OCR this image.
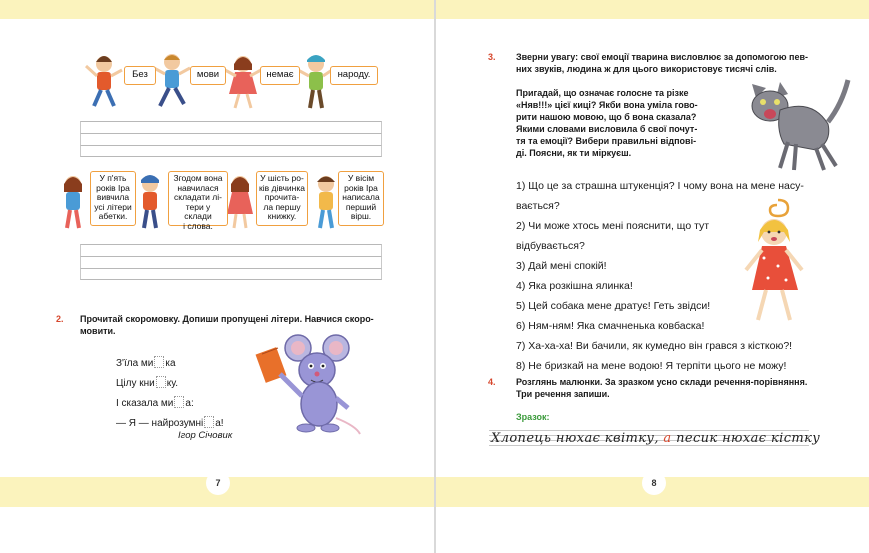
Без	мови	немає	народу.
У п'ять
років Іра
вивчила
усі літери
абетки.
Згодом вона
навчилася
складати лі-
тери у склади
і слова.
У шість ро-
ків дівчинка
прочита-
ла першу
книжку.
У вісім
років Іра
написала
перший
вірш.
2. Прочитай скоромовку. Допиши пропущені літери. Навчися скоро-
мовити.
З'їла ми ка
Цілу кни ку.
І сказала ми а:
— Я — найрозумні а!
Ігор Січовик
7
3. Зверни увагу: свої емоції тварина висловлює за допомогою пев-
них звуків, людина ж для цього використовує тисячі слів.
Пригадай, що означає голосне та різке
«Няв!!!» цієї киці? Якби вона уміла гово-
рити нашою мовою, що б вона сказала?
Якими словами висловила б свої почут-
тя та емоції? Вибери правильні відпові-
ді. Поясни, як ти міркуєш.
1) Що це за страшна штукенція? І чому вона на мене насу-
вається?
2) Чи може хтось мені пояснити, що тут
відбувається?
3) Дай мені спокій!
4) Яка розкішна ялинка!
5) Цей собака мене дратує! Геть звідси!
6) Ням-ням! Яка смачненька ковбаска!
7) Ха-ха-ха! Ви бачили, як кумедно він грався з кісткою?!
8) Не бризкай на мене водою! Я терпіти цього не можу!
4. Розглянь малюнки. За зразком усно склади речення-порівняння.
Три речення запиши.
Зразок:
8
Хлопець нюхає квітку, а песик нюхає кістку
